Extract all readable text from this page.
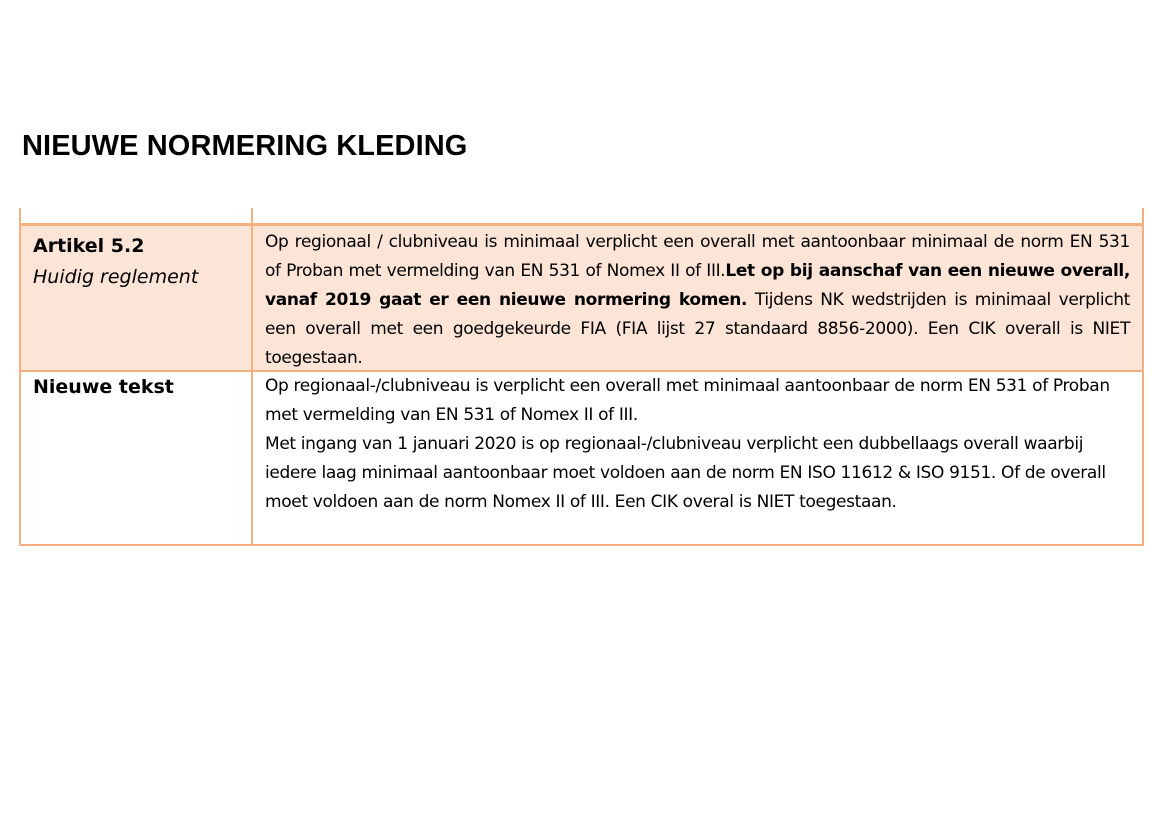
NIEUWE NORMERING KLEDING
Artikel 5.2
Huidig reglement
Op regionaal / clubniveau is minimaal verplicht een overall met aantoonbaar minimaal de norm EN 531 of Proban met vermelding van EN 531 of Nomex II of III.Let op bij aanschaf van een nieuwe overall, vanaf 2019 gaat er een nieuwe normering komen. Tijdens NK wedstrijden is minimaal verplicht een overall met een goedgekeurde FIA (FIA lijst 27 standaard 8856-2000). Een CIK overall is NIET toegestaan.
Nieuwe tekst	Op regionaal-/clubniveau is verplicht een overall met minimaal aantoonbaar de norm EN 531 of Proban met vermelding van EN 531 of Nomex II of III.
Met ingang van 1 januari 2020 is op regionaal-/clubniveau verplicht een dubbellaags overall waarbij iedere laag minimaal aantoonbaar moet voldoen aan de norm EN ISO 11612 & ISO 9151. Of de overall moet voldoen aan de norm Nomex II of III. Een CIK overal is NIET toegestaan.
